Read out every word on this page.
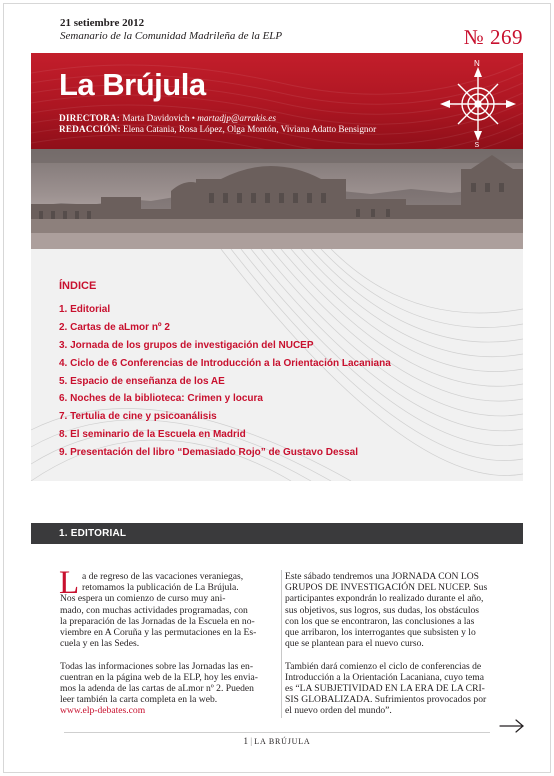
21 setiembre 2012
Semanario de la Comunidad Madrileña de la ELP	№ 269
La Brújula
DIRECTORA: Marta Davidovich • martadjp@arrakis.es
REDACCIÓN: Elena Catania, Rosa López, Olga Montón, Viviana Adatto Bensignor
N
S
ÍNDICE
1. Editorial
2. Cartas de aLmor nº 2
3. Jornada de los grupos de investigación del NUCEP
4. Ciclo de 6 Conferencias de Introducción a la Orientación Lacaniana
5. Espacio de enseñanza de los AE
6. Noches de la biblioteca: Crimen y locura
7. Tertulia de cine y psicoanálisis
8. El seminario de la Escuela en Madrid
9. Presentación del libro “Demasiado Rojo” de Gustavo Dessal
1. EDITORIAL
L a de regreso de las vacaciones veraniegas,
retomamos la publicación de La Brújula.
Nos espera un comienzo de curso muy ani-
mado, con muchas actividades programadas, con
la preparación de las Jornadas de la Escuela en no-
viembre en A Coruña y las permutaciones en la Es-
cuela y en las Sedes.
Todas las informaciones sobre las Jornadas las en-
cuentran en la página web de la ELP, hoy les envia-
mos la adenda de las cartas de aLmor nº 2. Pueden
leer también la carta completa en la web.
www.elp-debates.com
Este sábado tendremos una JORNADA CON LOS
GRUPOS DE INVESTIGACIÓN DEL NUCEP. Sus
participantes expondrán lo realizado durante el año,
sus objetivos, sus logros, sus dudas, los obstáculos
con los que se encontraron, las conclusiones a las
que arribaron, los interrogantes que subsisten y lo
que se plantean para el nuevo curso.
También dará comienzo el ciclo de conferencias de
Introducción a la Orientación Lacaniana, cuyo tema
es “LA SUBJETIVIDAD EN LA ERA DE LA CRI-
SIS GLOBALIZADA. Sufrimientos provocados por
el nuevo orden del mundo”.
1 | LA BRÚJULA
